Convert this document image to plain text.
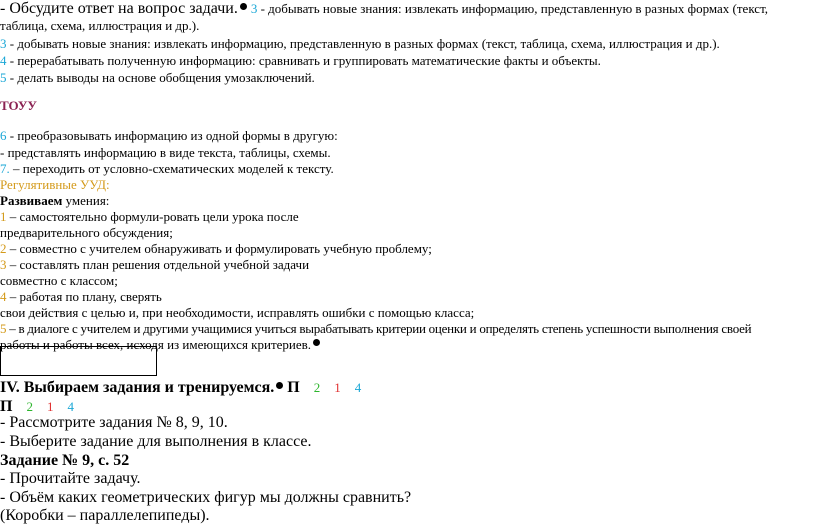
- Обсудите ответ на вопрос задачи. 3 - добывать новые знания: извлекать информацию, представленную в разных формах (текст,
таблица, схема, иллюстрация и др.).
3 - добывать новые знания: извлекать информацию, представленную в разных формах (текст, таблица, схема, иллюстрация и др.).
4 - перерабатывать полученную информацию: сравнивать и группировать математические факты и объекты.
5 - делать выводы на основе обобщения умозаключений.
ТОУУ
6 - преобразовывать информацию из одной формы в другую:
- представлять информацию в виде текста, таблицы, схемы.
7. – переходить от условно-схематических моделей к тексту.
Регулятивные УУД:
Развиваем умения:
1 – самостоятельно формули-ровать цели урока после
предварительного обсуждения;
2 – совместно с учителем обнаруживать и формулировать учебную проблему;
3 – составлять план решения отдельной учебной задачи
совместно с классом;
4 – работая по плану, сверять
свои действия с целью и, при необходимости, исправлять ошибки с помощью класса;
5 – в диалоге с учителем и другими учащимися учиться вырабатывать критерии оценки и определять степень успешности выполнения своей
работы и работы всех, исходя из имеющихся критериев.
IV. Выбираем задания и тренируемся. П 2 1 4
П 2 1 4
- Рассмотрите задания № 8, 9, 10.
- Выберите задание для выполнения в классе.
Задание № 9, с. 52
- Прочитайте задачу.
- Объём каких геометрических фигур мы должны сравнить?
(Коробки – параллелепипеды).
